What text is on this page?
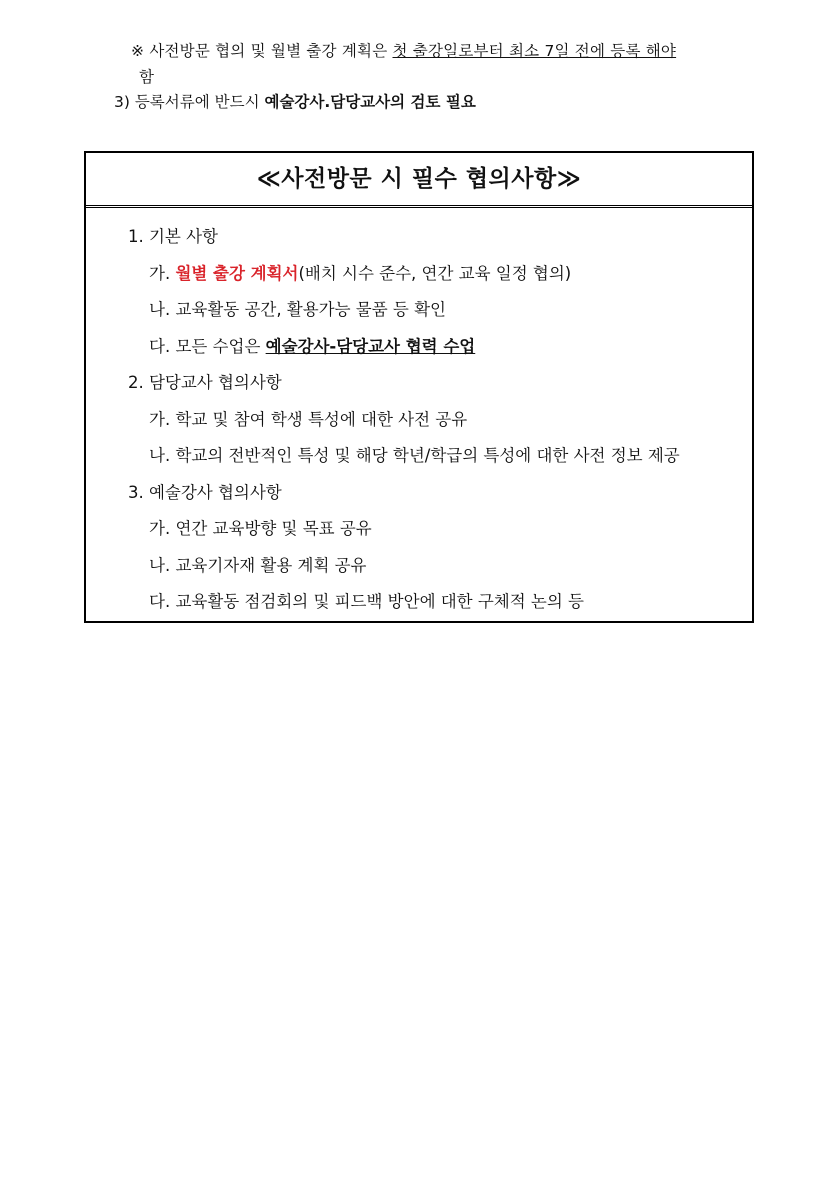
※ 사전방문 협의 및 월별 출강 계획은 첫 출강일로부터 최소 7일 전에 등록 해야
함
3) 등록서류에 반드시 예술강사.담당교사의 검토 필요
≪사전방문 시 필수 협의사항≫
1. 기본 사항
가. 월별 출강 계획서(배치 시수 준수, 연간 교육 일정 협의)
나. 교육활동 공간, 활용가능 물품 등 확인
다. 모든 수업은 예술강사-담당교사 협력 수업
2. 담당교사 협의사항
가. 학교 및 참여 학생 특성에 대한 사전 공유
나. 학교의 전반적인 특성 및 해당 학년/학급의 특성에 대한 사전 정보 제공
3. 예술강사 협의사항
가. 연간 교육방향 및 목표 공유
나. 교육기자재 활용 계획 공유
다. 교육활동 점검회의 및 피드백 방안에 대한 구체적 논의 등
